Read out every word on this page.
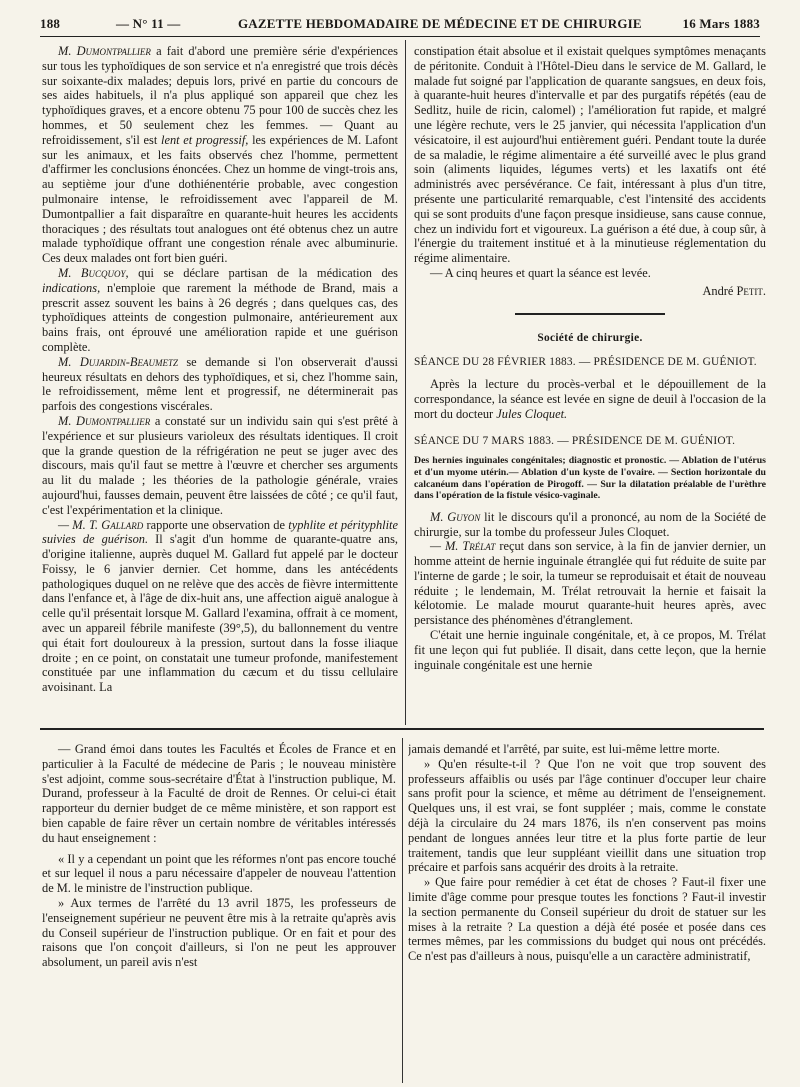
188	— N° 11 —	GAZETTE HEBDOMADAIRE DE MÉDECINE ET DE CHIRURGIE	16 Mars 1883

M. Dumontpallier a fait d'abord une première série d'expériences sur tous les typhoïdiques de son service et n'a enregistré que trois décès sur soixante-dix malades; depuis lors, privé en partie du concours de ses aides habituels, il n'a plus appliqué son appareil que chez les typhoïdiques graves, et a encore obtenu 75 pour 100 de succès chez les hommes, et 50 seulement chez les femmes. — Quant au refroidissement, s'il est lent et progressif, les expériences de M. Lafont sur les animaux, et les faits observés chez l'homme, permettent d'affirmer les conclusions énoncées. Chez un homme de vingt-trois ans, au septième jour d'une dothiénentérie probable, avec congestion pulmonaire intense, le refroidissement avec l'appareil de M. Dumontpallier a fait disparaître en quarante-huit heures les accidents thoraciques ; des résultats tout analogues ont été obtenus chez un autre malade typhoïdique offrant une congestion rénale avec albuminurie. Ces deux malades ont fort bien guéri.

M. Bucquoy, qui se déclare partisan de la médication des indications, n'emploie que rarement la méthode de Brand, mais a prescrit assez souvent les bains à 26 degrés ; dans quelques cas, des typhoïdiques atteints de congestion pulmonaire, antérieurement aux bains frais, ont éprouvé une amélioration rapide et une guérison complète.

M. Dujardin-Beaumetz se demande si l'on observerait d'aussi heureux résultats en dehors des typhoïdiques, et si, chez l'homme sain, le refroidissement, même lent et progressif, ne déterminerait pas parfois des congestions viscérales.

M. Dumontpallier a constaté sur un individu sain qui s'est prêté à l'expérience et sur plusieurs varioleux des résultats identiques. Il croit que la grande question de la réfrigération ne peut se juger avec des discours, mais qu'il faut se mettre à l'œuvre et chercher ses arguments au lit du malade ; les théories de la pathologie générale, vraies aujourd'hui, fausses demain, peuvent être laissées de côté ; ce qu'il faut, c'est l'expérimentation et la clinique.

— M. T. Gallard rapporte une observation de typhlite et pérityphlite suivies de guérison. Il s'agit d'un homme de quarante-quatre ans, d'origine italienne, auprès duquel M. Gallard fut appelé par le docteur Foissy, le 6 janvier dernier. Cet homme, dans les antécédents pathologiques duquel on ne relève que des accès de fièvre intermittente dans l'enfance et, à l'âge de dix-huit ans, une affection aiguë analogue à celle qu'il présentait lorsque M. Gallard l'examina, offrait à ce moment, avec un appareil fébrile manifeste (39°,5), du ballonnement du ventre qui était fort douloureux à la pression, surtout dans la fosse iliaque droite ; en ce point, on constatait une tumeur profonde, manifestement constituée par une inflammation du cæcum et du tissu cellulaire avoisinant. La

constipation était absolue et il existait quelques symptômes menaçants de péritonite. Conduit à l'Hôtel-Dieu dans le service de M. Gallard, le malade fut soigné par l'application de quarante sangsues, en deux fois, à quarante-huit heures d'intervalle et par des purgatifs répétés (eau de Sedlitz, huile de ricin, calomel) ; l'amélioration fut rapide, et malgré une légère rechute, vers le 25 janvier, qui nécessita l'application d'un vésicatoire, il est aujourd'hui entièrement guéri. Pendant toute la durée de sa maladie, le régime alimentaire a été surveillé avec le plus grand soin (aliments liquides, légumes verts) et les laxatifs ont été administrés avec persévérance. Ce fait, intéressant à plus d'un titre, présente une particularité remarquable, c'est l'intensité des accidents qui se sont produits d'une façon presque insidieuse, sans cause connue, chez un individu fort et vigoureux. La guérison a été due, à coup sûr, à l'énergie du traitement institué et à la minutieuse réglementation du régime alimentaire.

— A cinq heures et quart la séance est levée.

André Petit.
Société de chirurgie.
SÉANCE DU 28 FÉVRIER 1883. — PRÉSIDENCE DE M. GUÉNIOT.

Après la lecture du procès-verbal et le dépouillement de la correspondance, la séance est levée en signe de deuil à l'occasion de la mort du docteur Jules Cloquet.

SÉANCE DU 7 MARS 1883. — PRÉSIDENCE DE M. GUÉNIOT.
Des hernies inguinales congénitales; diagnostic et pronostic. — Ablation de l'utérus et d'un myome utérin.— Ablation d'un kyste de l'ovaire. — Section horizontale du calcanéum dans l'opération de Pirogoff. — Sur la dilatation préalable de l'urèthre dans l'opération de la fistule vésico-vaginale.

M. Guyon lit le discours qu'il a prononcé, au nom de la Société de chirurgie, sur la tombe du professeur Jules Cloquet.

— M. Trélat reçut dans son service, à la fin de janvier dernier, un homme atteint de hernie inguinale étranglée qui fut réduite de suite par l'interne de garde ; le soir, la tumeur se reproduisait et était de nouveau réduite ; le lendemain, M. Trélat retrouvait la hernie et faisait la kélotomie. Le malade mourut quarante-huit heures après, avec persistance des phénomènes d'étranglement.

C'était une hernie inguinale congénitale, et, à ce propos, M. Trélat fit une leçon qui fut publiée. Il disait, dans cette leçon, que la hernie inguinale congénitale est une hernie

— Grand émoi dans toutes les Facultés et Écoles de France et en particulier à la Faculté de médecine de Paris ; le nouveau ministère s'est adjoint, comme sous-secrétaire d'État à l'instruction publique, M. Durand, professeur à la Faculté de droit de Rennes. Or celui-ci était rapporteur du dernier budget de ce même ministère, et son rapport est bien capable de faire rêver un certain nombre de véritables intéressés du haut enseignement :

« Il y a cependant un point que les réformes n'ont pas encore touché et sur lequel il nous a paru nécessaire d'appeler de nouveau l'attention de M. le ministre de l'instruction publique.

» Aux termes de l'arrêté du 13 avril 1875, les professeurs de l'enseignement supérieur ne peuvent être mis à la retraite qu'après avis du Conseil supérieur de l'instruction publique. Or en fait et pour des raisons que l'on conçoit d'ailleurs, si l'on ne peut les approuver absolument, un pareil avis n'est

jamais demandé et l'arrêté, par suite, est lui-même lettre morte.

» Qu'en résulte-t-il ? Que l'on ne voit que trop souvent des professeurs affaiblis ou usés par l'âge continuer d'occuper leur chaire sans profit pour la science, et même au détriment de l'enseignement. Quelques uns, il est vrai, se font suppléer ; mais, comme le constate déjà la circulaire du 24 mars 1876, ils n'en conservent pas moins pendant de longues années leur titre et la plus forte partie de leur traitement, tandis que leur suppléant vieillit dans une situation trop précaire et parfois sans acquérir des droits à la retraite.

» Que faire pour remédier à cet état de choses ? Faut-il fixer une limite d'âge comme pour presque toutes les fonctions ? Faut-il investir la section permanente du Conseil supérieur du droit de statuer sur les mises à la retraite ? La question a déjà été posée et posée dans ces termes mêmes, par les commissions du budget qui nous ont précédés. Ce n'est pas d'ailleurs à nous, puisqu'elle a un caractère administratif,
